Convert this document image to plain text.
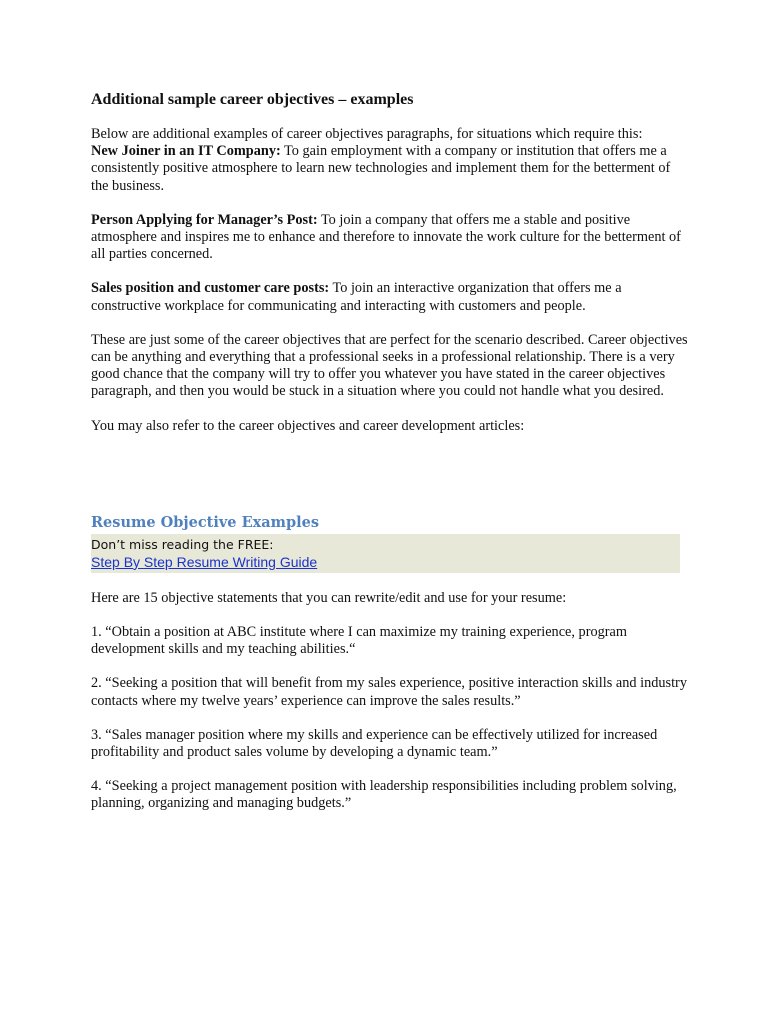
Additional sample career objectives – examples

Below are additional examples of career objectives paragraphs, for situations which require this:
New Joiner in an IT Company: To gain employment with a company or institution that offers me a consistently positive atmosphere to learn new technologies and implement them for the betterment of the business.

Person Applying for Manager’s Post: To join a company that offers me a stable and positive atmosphere and inspires me to enhance and therefore to innovate the work culture for the betterment of all parties concerned.

Sales position and customer care posts: To join an interactive organization that offers me a constructive workplace for communicating and interacting with customers and people.

These are just some of the career objectives that are perfect for the scenario described. Career objectives can be anything and everything that a professional seeks in a professional relationship. There is a very good chance that the company will try to offer you whatever you have stated in the career objectives paragraph, and then you would be stuck in a situation where you could not handle what you desired.

You may also refer to the career objectives and career development articles:

Resume Objective Examples
Don’t miss reading the FREE:
Step By Step Resume Writing Guide

Here are 15 objective statements that you can rewrite/edit and use for your resume:

1. “Obtain a position at ABC institute where I can maximize my training experience, program development skills and my teaching abilities.“

2. “Seeking a position that will benefit from my sales experience, positive interaction skills and industry contacts where my twelve years’ experience can improve the sales results.”

3. “Sales manager position where my skills and experience can be effectively utilized for increased profitability and product sales volume by developing a dynamic team.”

4. “Seeking a project management position with leadership responsibilities including problem solving, planning, organizing and managing budgets.”
